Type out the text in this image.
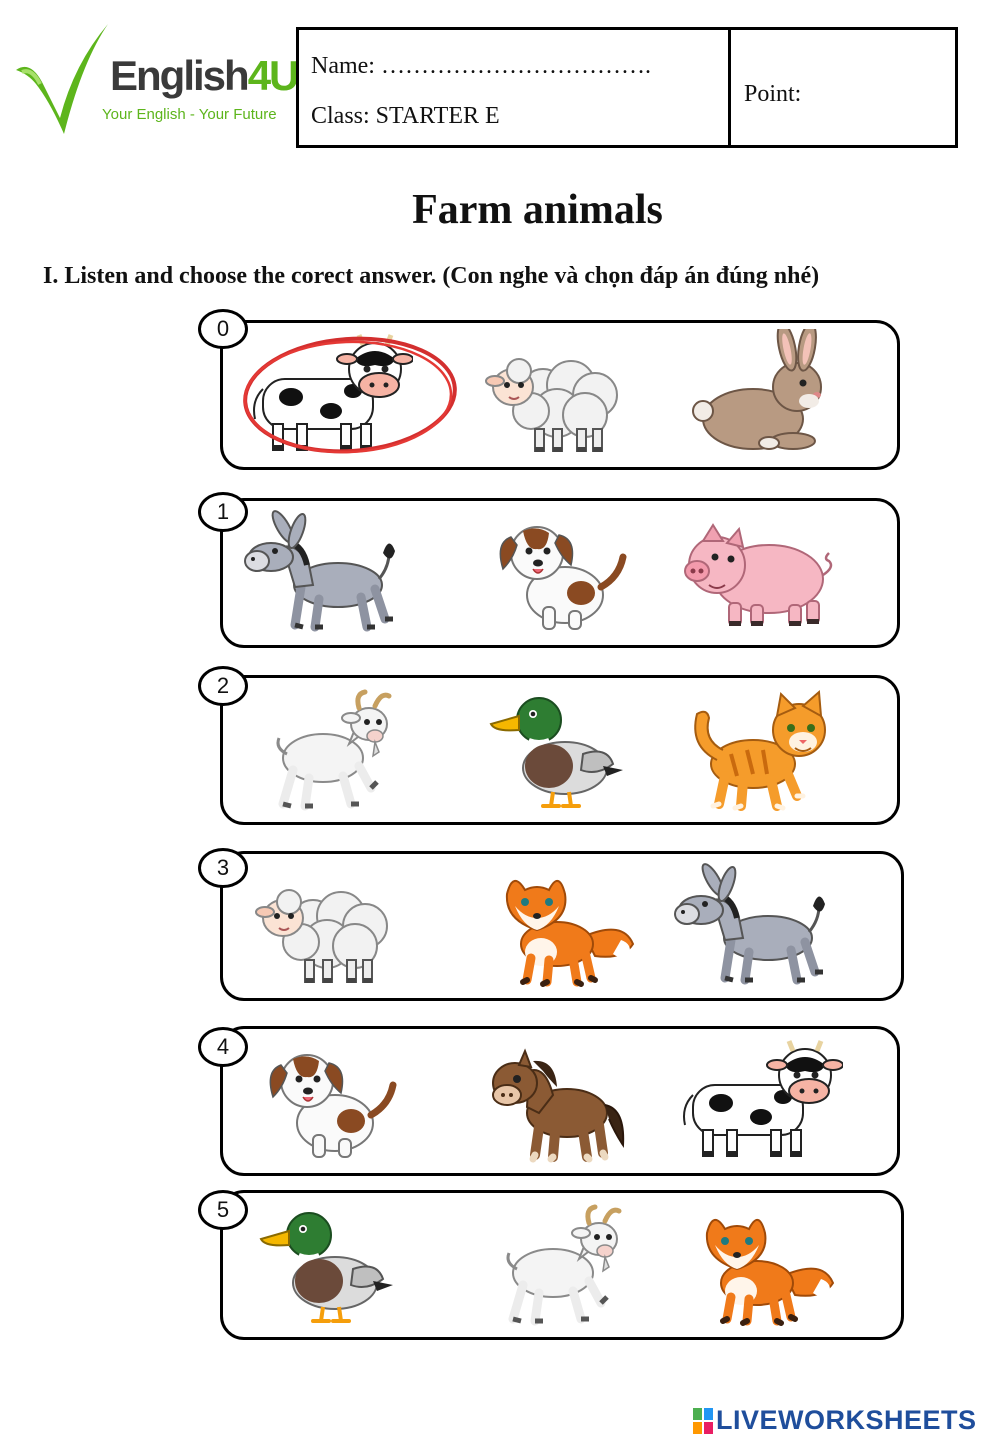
English4U
Your English - Your Future
Name: …………………………….
Class: STARTER E
Point:
Farm animals
I. Listen and choose the corect answer. (Con nghe và chọn đáp án đúng nhé)
0
1
2
3
4
5
LIVEWORKSHEETS
